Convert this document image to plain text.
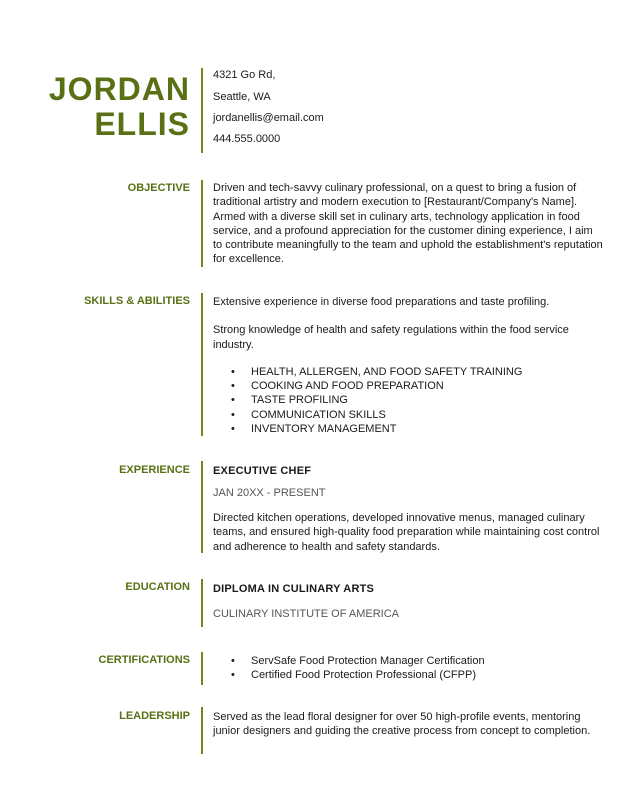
JORDAN
ELLIS
4321 Go Rd,
Seattle, WA
jordanellis@email.com
444.555.0000
OBJECTIVE Driven and tech-savvy culinary professional, on a quest to bring a fusion of traditional artistry and modern execution to [Restaurant/Company's Name]. Armed with a diverse skill set in culinary arts, technology application in food service, and a profound appreciation for the customer dining experience, I aim to contribute meaningfully to the team and uphold the establishment's reputation for excellence.
SKILLS & ABILITIES Extensive experience in diverse food preparations and taste profiling.

Strong knowledge of health and safety regulations within the food service industry.

• HEALTH, ALLERGEN, AND FOOD SAFETY TRAINING
• COOKING AND FOOD PREPARATION
• TASTE PROFILING
• COMMUNICATION SKILLS
• INVENTORY MANAGEMENT
EXPERIENCE EXECUTIVE CHEF
JAN 20XX - PRESENT
Directed kitchen operations, developed innovative menus, managed culinary teams, and ensured high-quality food preparation while maintaining cost control and adherence to health and safety standards.
EDUCATION DIPLOMA IN CULINARY ARTS
CULINARY INSTITUTE OF AMERICA
CERTIFICATIONS	• ServSafe Food Protection Manager Certification
• Certified Food Protection Professional (CFPP)
LEADERSHIP Served as the lead floral designer for over 50 high-profile events, mentoring junior designers and guiding the creative process from concept to completion.
